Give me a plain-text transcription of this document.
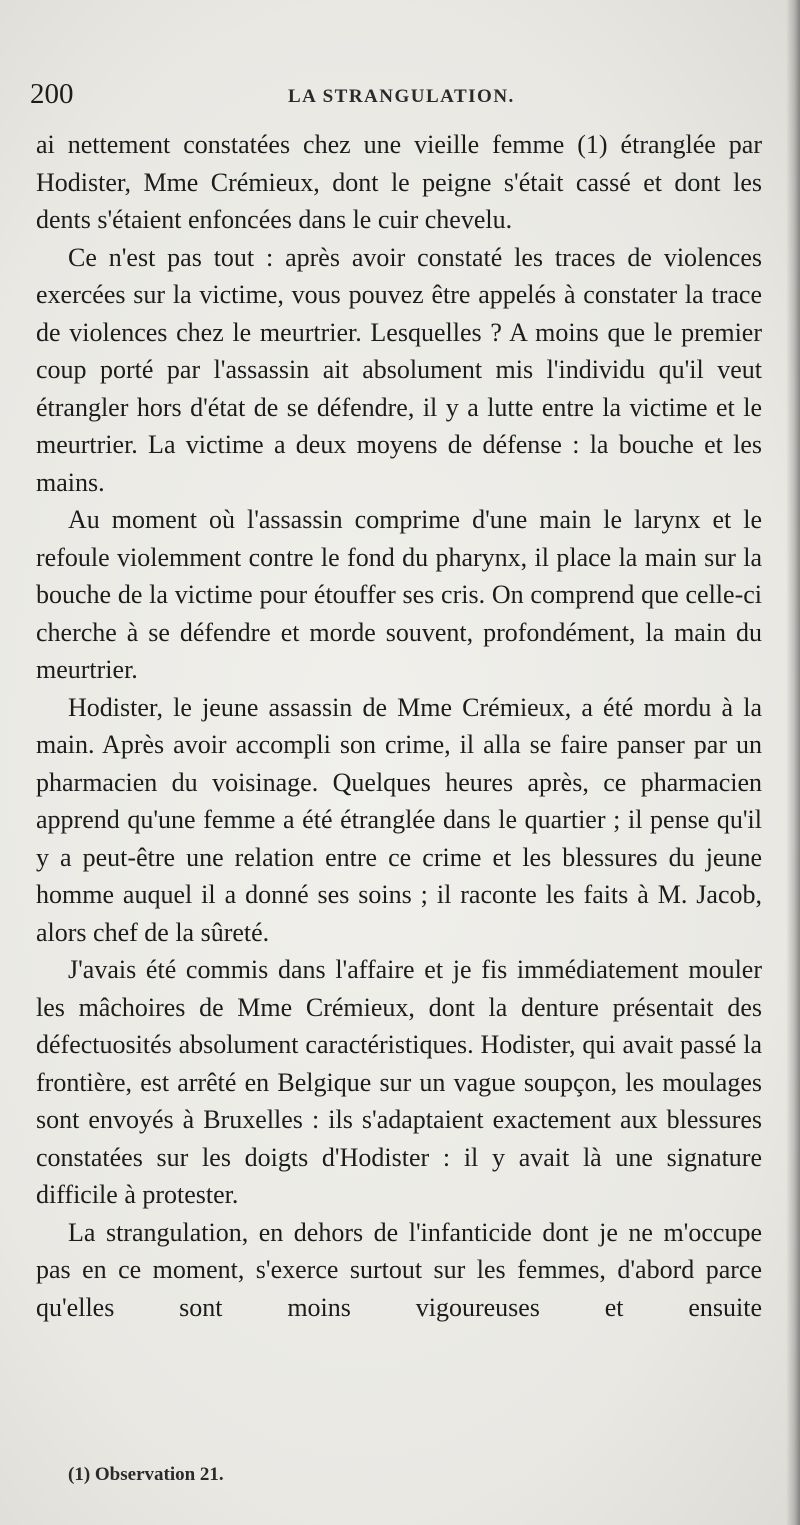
200	LA STRANGULATION.

ai nettement constatées chez une vieille femme (1) étranglée par Hodister, Mme Crémieux, dont le peigne s'était cassé et dont les dents s'étaient enfoncées dans le cuir chevelu.

Ce n'est pas tout : après avoir constaté les traces de violences exercées sur la victime, vous pouvez être appelés à constater la trace de violences chez le meurtrier. Lesquelles ? A moins que le premier coup porté par l'assassin ait absolument mis l'individu qu'il veut étrangler hors d'état de se défendre, il y a lutte entre la victime et le meurtrier. La victime a deux moyens de défense : la bouche et les mains.

Au moment où l'assassin comprime d'une main le larynx et le refoule violemment contre le fond du pharynx, il place la main sur la bouche de la victime pour étouffer ses cris. On comprend que celle-ci cherche à se défendre et morde souvent, profondément, la main du meurtrier.

Hodister, le jeune assassin de Mme Crémieux, a été mordu à la main. Après avoir accompli son crime, il alla se faire panser par un pharmacien du voisinage. Quelques heures après, ce pharmacien apprend qu'une femme a été étranglée dans le quartier ; il pense qu'il y a peut-être une relation entre ce crime et les blessures du jeune homme auquel il a donné ses soins ; il raconte les faits à M. Jacob, alors chef de la sûreté.

J'avais été commis dans l'affaire et je fis immédiatement mouler les mâchoires de Mme Crémieux, dont la denture présentait des défectuosités absolument caractéristiques. Hodister, qui avait passé la frontière, est arrêté en Belgique sur un vague soupçon, les moulages sont envoyés à Bruxelles : ils s'adaptaient exactement aux blessures constatées sur les doigts d'Hodister : il y avait là une signature difficile à protester.

La strangulation, en dehors de l'infanticide dont je ne m'occupe pas en ce moment, s'exerce surtout sur les femmes, d'abord parce qu'elles sont moins vigoureuses et ensuite

(1) Observation 21.
